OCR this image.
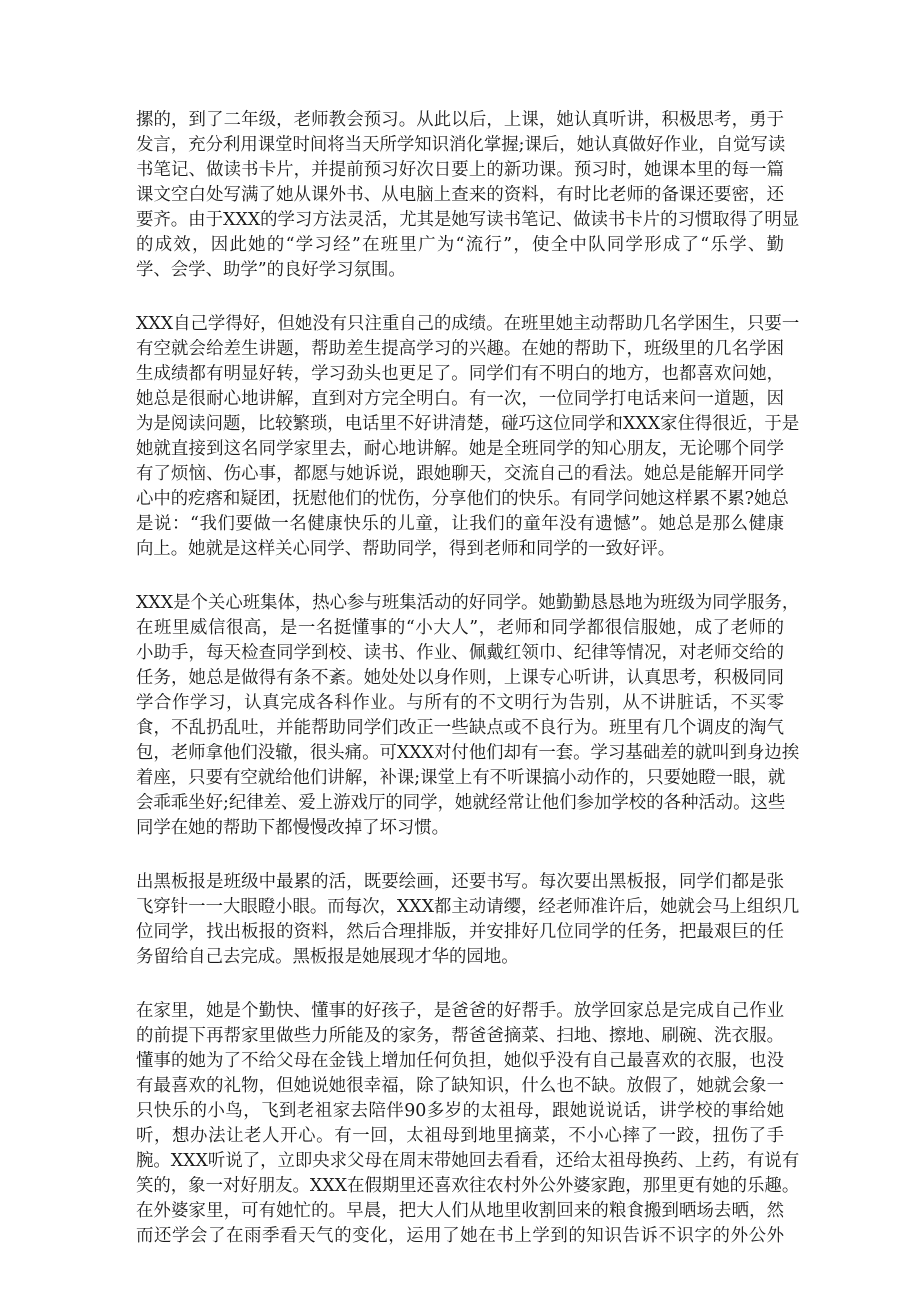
摞的，到了二年级，老师教会预习。从此以后，上课，她认真听讲，积极思考，勇于
发言，充分利用课堂时间将当天所学知识消化掌握;课后，她认真做好作业，自觉写读
书笔记、做读书卡片，并提前预习好次日要上的新功课。预习时，她课本里的每一篇
课文空白处写满了她从课外书、从电脑上查来的资料，有时比老师的备课还要密，还
要齐。由于XXX的学习方法灵活，尤其是她写读书笔记、做读书卡片的习惯取得了明显
的成效，因此她的“学习经”在班里广为“流行”，使全中队同学形成了“乐学、勤
学、会学、助学”的良好学习氛围。
XXX自己学得好，但她没有只注重自己的成绩。在班里她主动帮助几名学困生，只要一
有空就会给差生讲题，帮助差生提高学习的兴趣。在她的帮助下，班级里的几名学困
生成绩都有明显好转，学习劲头也更足了。同学们有不明白的地方，也都喜欢问她，
她总是很耐心地讲解，直到对方完全明白。有一次，一位同学打电话来问一道题，因
为是阅读问题，比较繁琐，电话里不好讲清楚，碰巧这位同学和XXX家住得很近，于是
她就直接到这名同学家里去，耐心地讲解。她是全班同学的知心朋友，无论哪个同学
有了烦恼、伤心事，都愿与她诉说，跟她聊天，交流自己的看法。她总是能解开同学
心中的疙瘩和疑团，抚慰他们的忧伤，分享他们的快乐。有同学问她这样累不累?她总
是说：“我们要做一名健康快乐的儿童，让我们的童年没有遗憾”。她总是那么健康
向上。她就是这样关心同学、帮助同学，得到老师和同学的一致好评。
XXX是个关心班集体，热心参与班集活动的好同学。她勤勤恳恳地为班级为同学服务，
在班里威信很高，是一名挺懂事的“小大人”，老师和同学都很信服她，成了老师的
小助手，每天检查同学到校、读书、作业、佩戴红领巾、纪律等情况，对老师交给的
任务，她总是做得有条不紊。她处处以身作则，上课专心听讲，认真思考，积极同同
学合作学习，认真完成各科作业。与所有的不文明行为告别，从不讲脏话，不买零
食，不乱扔乱吐，并能帮助同学们改正一些缺点或不良行为。班里有几个调皮的淘气
包，老师拿他们没辙，很头痛。可XXX对付他们却有一套。学习基础差的就叫到身边挨
着座，只要有空就给他们讲解，补课;课堂上有不听课搞小动作的，只要她瞪一眼，就
会乖乖坐好;纪律差、爱上游戏厅的同学，她就经常让他们参加学校的各种活动。这些
同学在她的帮助下都慢慢改掉了坏习惯。
出黑板报是班级中最累的活，既要绘画，还要书写。每次要出黑板报，同学们都是张
飞穿针一一大眼瞪小眼。而每次，XXX都主动请缨，经老师准许后，她就会马上组织几
位同学，找出板报的资料，然后合理排版，并安排好几位同学的任务，把最艰巨的任
务留给自己去完成。黑板报是她展现才华的园地。
在家里，她是个勤快、懂事的好孩子，是爸爸的好帮手。放学回家总是完成自己作业
的前提下再帮家里做些力所能及的家务，帮爸爸摘菜、扫地、擦地、刷碗、洗衣服。
懂事的她为了不给父母在金钱上增加任何负担，她似乎没有自己最喜欢的衣服，也没
有最喜欢的礼物，但她说她很幸福，除了缺知识，什么也不缺。放假了，她就会象一
只快乐的小鸟，飞到老祖家去陪伴90多岁的太祖母，跟她说说话，讲学校的事给她
听，想办法让老人开心。有一回，太祖母到地里摘菜，不小心摔了一跤，扭伤了手
腕。XXX听说了，立即央求父母在周末带她回去看看，还给太祖母换药、上药，有说有
笑的，象一对好朋友。XXX在假期里还喜欢往农村外公外婆家跑，那里更有她的乐趣。
在外婆家里，可有她忙的。早晨，把大人们从地里收割回来的粮食搬到晒场去晒，然
而还学会了在雨季看天气的变化，运用了她在书上学到的知识告诉不识字的外公外
